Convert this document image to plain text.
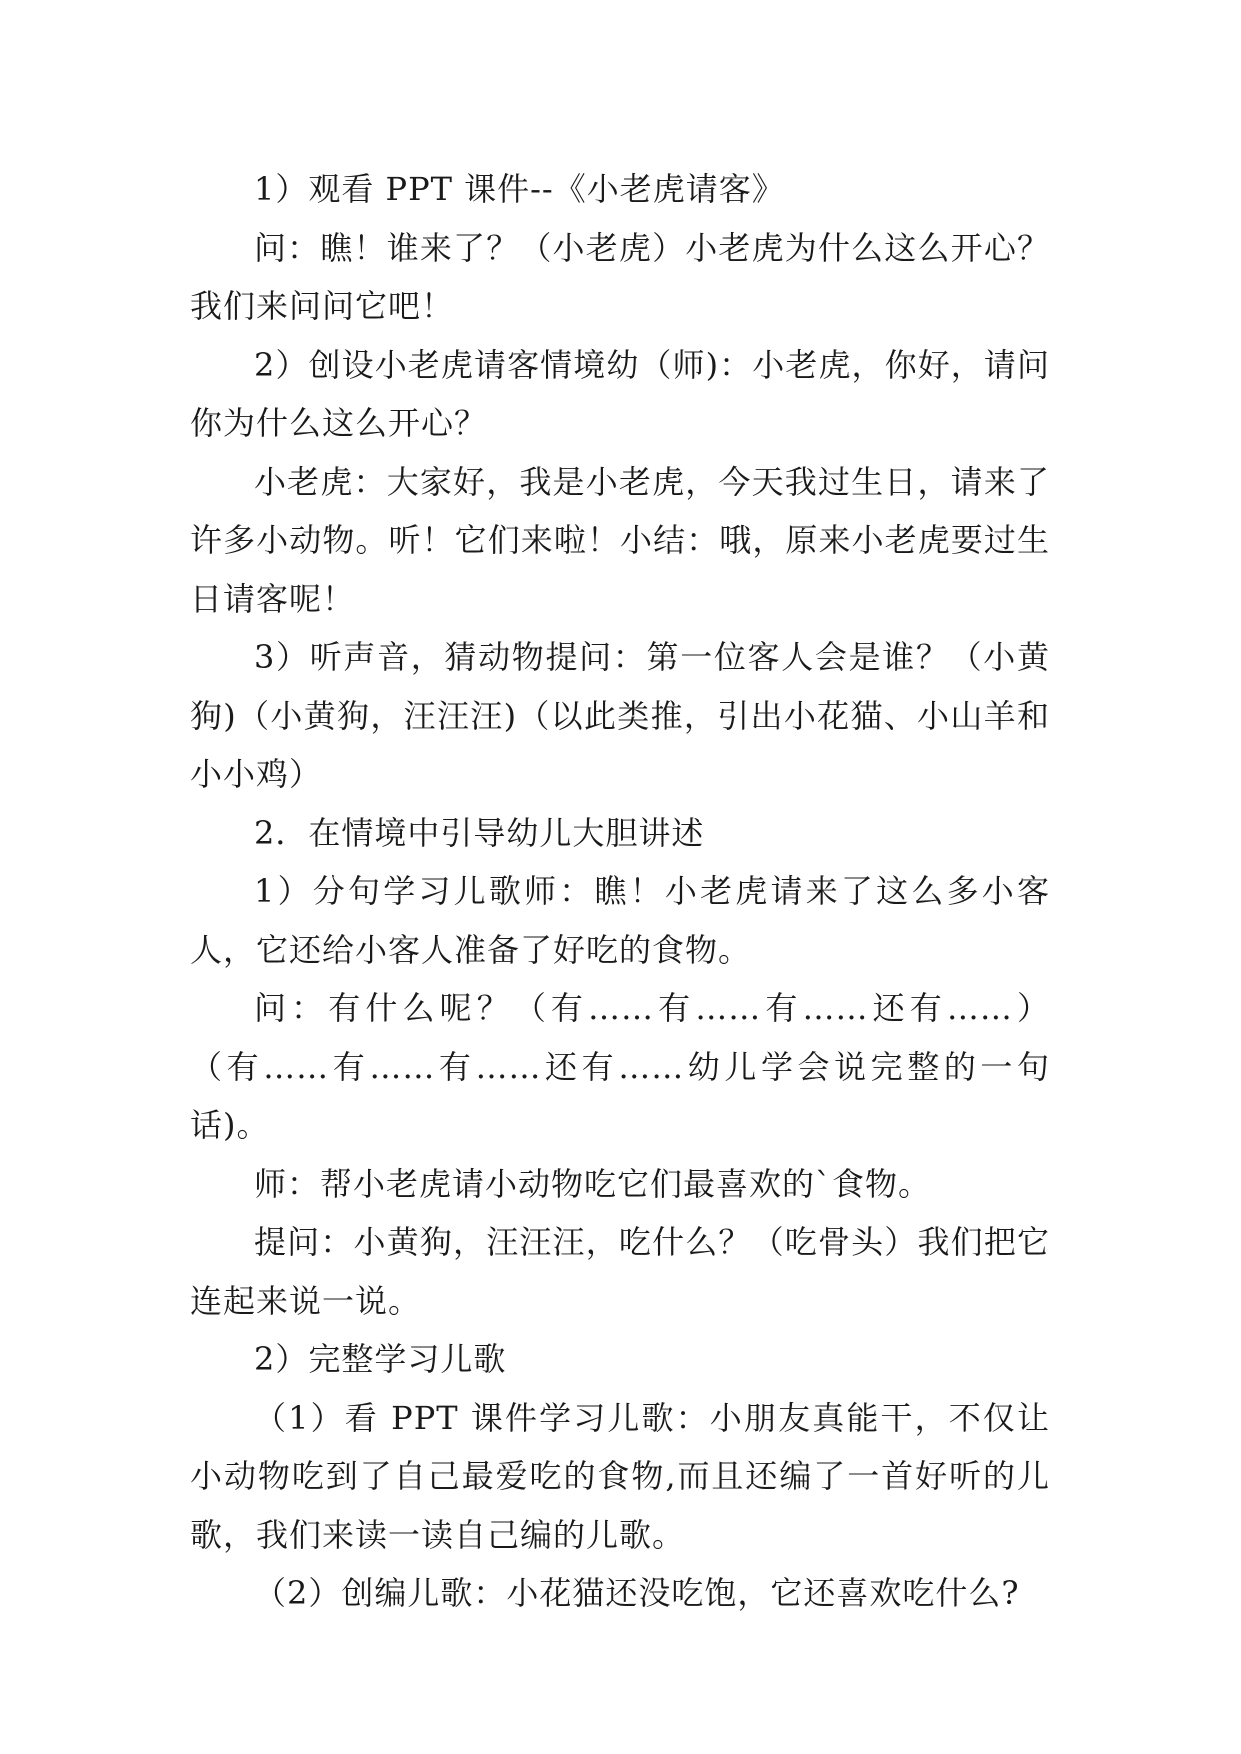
1）观看 PPT 课件--《小老虎请客》

问：瞧！谁来了？（小老虎）小老虎为什么这么开心？我们来问问它吧！

2）创设小老虎请客情境幼（师)：小老虎，你好，请问你为什么这么开心？

小老虎：大家好，我是小老虎，今天我过生日，请来了许多小动物。听！它们来啦！小结：哦，原来小老虎要过生日请客呢！

3）听声音，猜动物提问：第一位客人会是谁？（小黄狗)（小黄狗，汪汪汪)（以此类推，引出小花猫、小山羊和小小鸡）

2．在情境中引导幼儿大胆讲述

1）分句学习儿歌师：瞧！小老虎请来了这么多小客人，它还给小客人准备了好吃的食物。

问：有什么呢？（有……有……有……还有……）（有……有……有……还有……幼儿学会说完整的一句话)。

师：帮小老虎请小动物吃它们最喜欢的`食物。

提问：小黄狗，汪汪汪，吃什么？（吃骨头）我们把它连起来说一说。

2）完整学习儿歌

（1）看 PPT 课件学习儿歌：小朋友真能干，不仅让小动物吃到了自己最爱吃的食物,而且还编了一首好听的儿歌，我们来读一读自己编的儿歌。

（2）创编儿歌：小花猫还没吃饱，它还喜欢吃什么?
